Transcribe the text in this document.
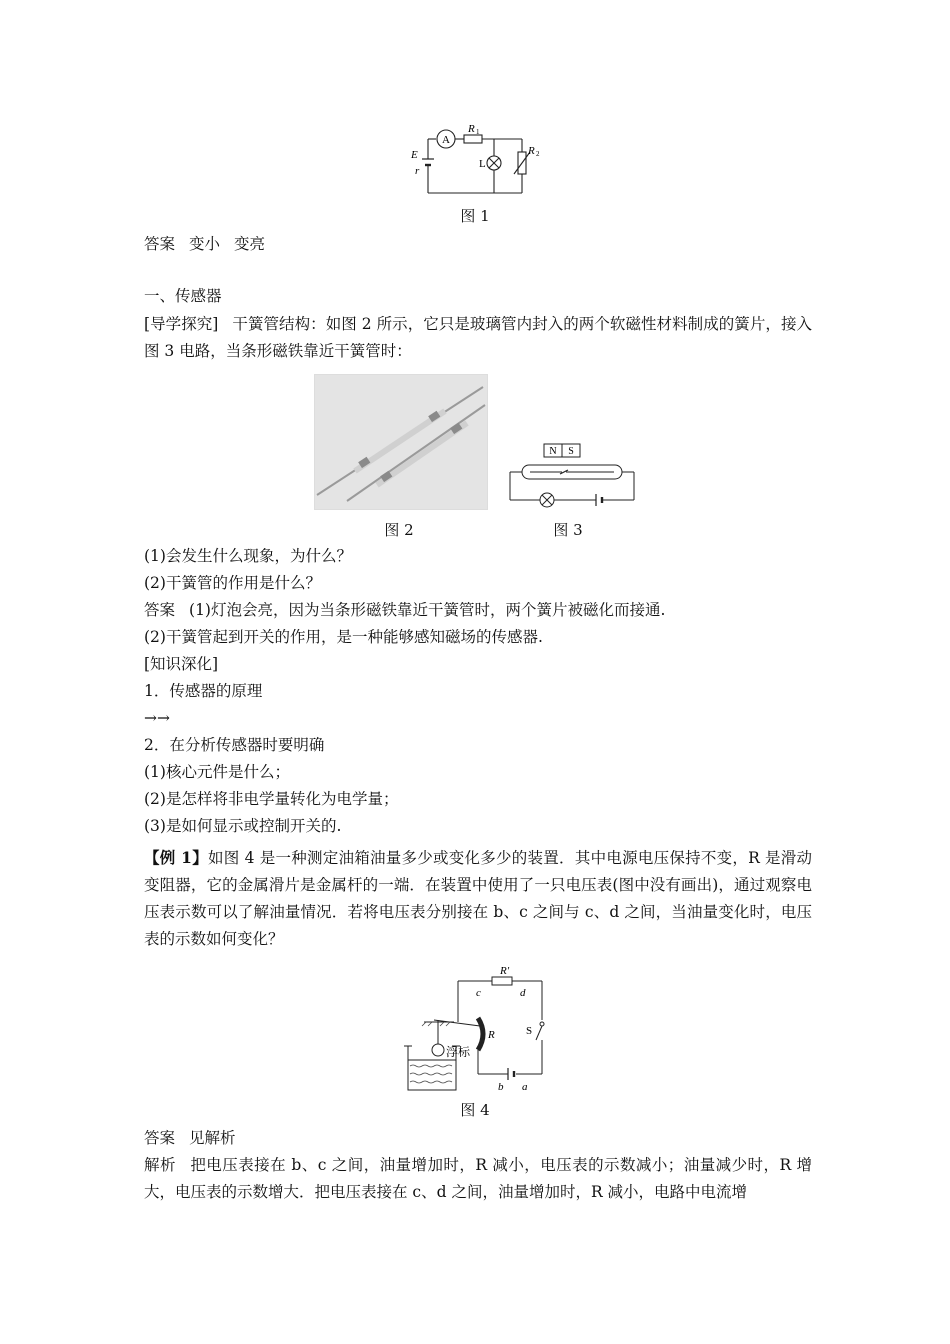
A
R 1
R 2
L
E
r
图 1
答案 变小 变亮
一、传感器
[导学探究] 干簧管结构：如图 2 所示，它只是玻璃管内封入的两个软磁性材料制成的簧片，接入图 3 电路，当条形磁铁靠近干簧管时：
图 2
N S
图 3
(1)会发生什么现象，为什么？
(2)干簧管的作用是什么？
答案 (1)灯泡会亮，因为当条形磁铁靠近干簧管时，两个簧片被磁化而接通.
(2)干簧管起到开关的作用，是一种能够感知磁场的传感器.
[知识深化]
1．传感器的原理
→→
2．在分析传感器时要明确
(1)核心元件是什么；
(2)是怎样将非电学量转化为电学量；
(3)是如何显示或控制开关的.
【例 1】如图 4 是一种测定油箱油量多少或变化多少的装置．其中电源电压保持不变，R 是滑动变阻器，它的金属滑片是金属杆的一端．在装置中使用了一只电压表(图中没有画出)，通过观察电压表示数可以了解油量情况．若将电压表分别接在 b、c 之间与 c、d 之间，当油量变化时，电压表的示数如何变化？
R′
c	d
S
R
b a
浮标
图 4
答案 见解析
解析 把电压表接在 b、c 之间，油量增加时，R 减小，电压表的示数减小；油量减少时，R 增大，电压表的示数增大．把电压表接在 c、d 之间，油量增加时，R 减小，电路中电流增
